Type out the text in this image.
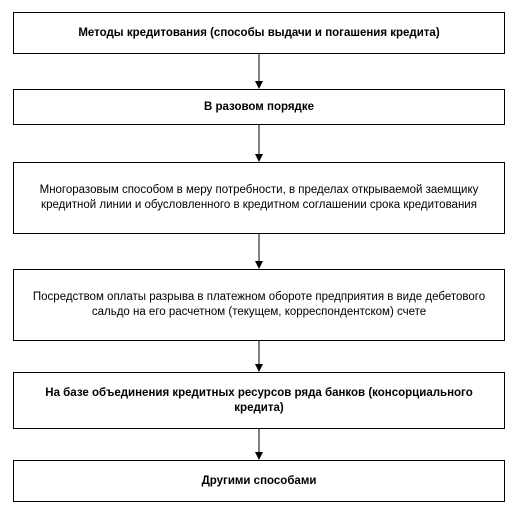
Методы кредитования (способы выдачи и погашения кредита)
В разовом порядке
Многоразовым способом в меру потребности, в пределах открываемой заемщику кредитной линии и обусловленного в кредитном соглашении срока кредитования
Посредством оплаты разрыва в платежном обороте предприятия в виде дебетового сальдо на его расчетном (текущем, корреспондентском) счете
На базе объединения кредитных ресурсов ряда банков (консорциального кредита)
Другими способами
